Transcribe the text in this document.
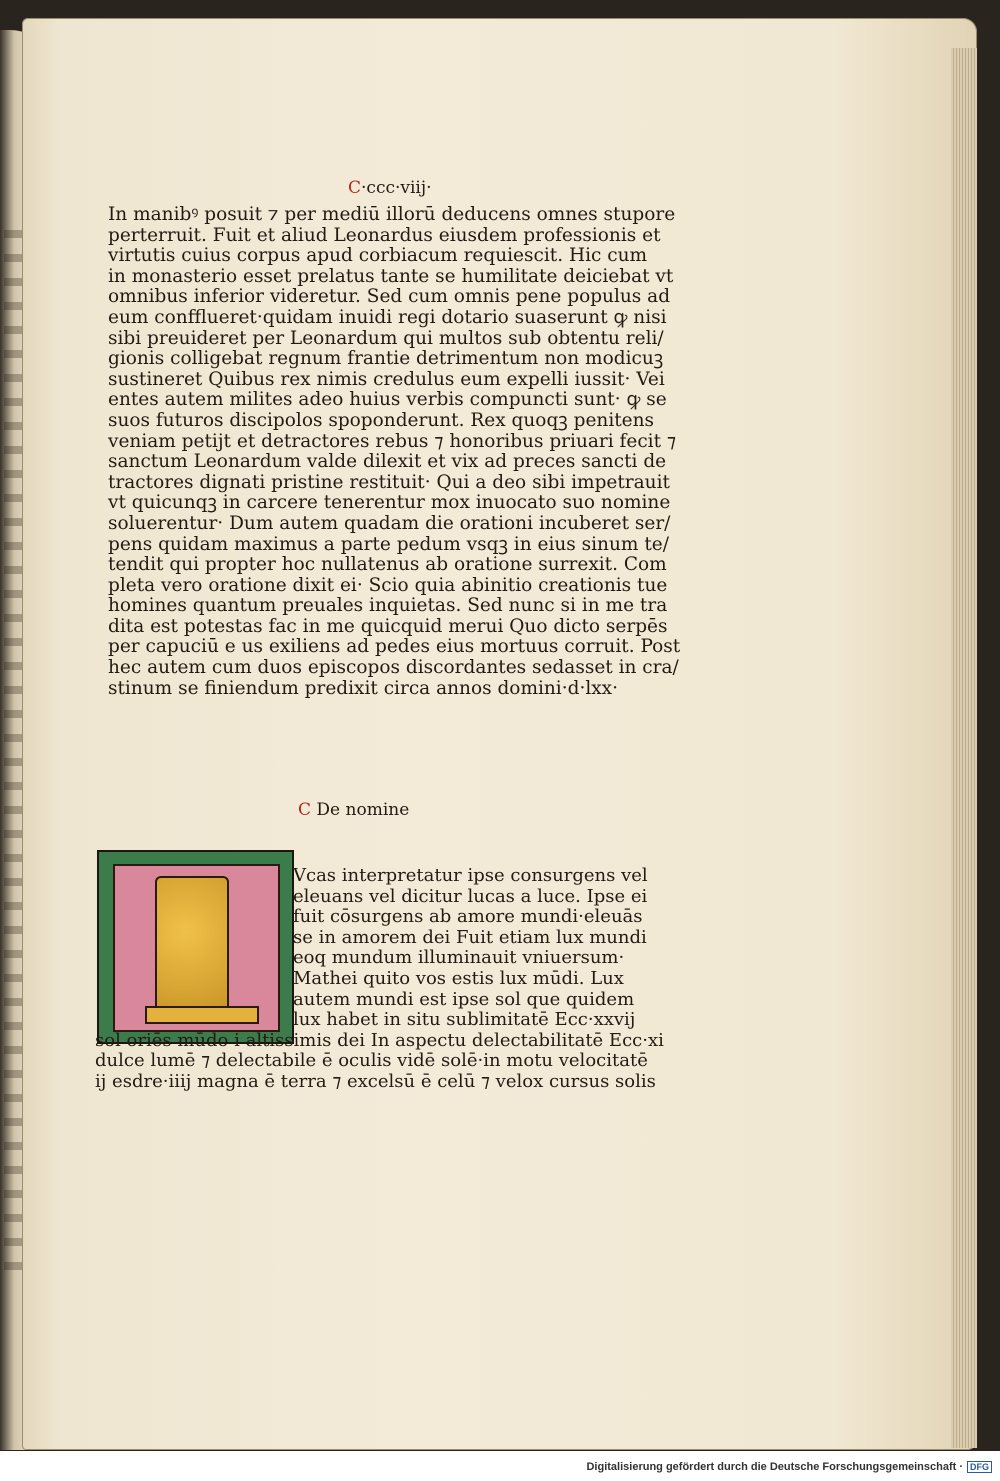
C·ccc·viij·
In manibꝰ posuit ⁊ per mediū illorū deducens omnes stupore
perterruit. Fuit et aliud Leonardus eiusdem professionis et
virtutis cuius corpus apud corbiacum requiescit. Hic cum
in monasterio esset prelatus tante se humilitate deiciebat vt
omnibus inferior videretur. Sed cum omnis pene populus ad
eum confflueret·quidam inuidi regi dotario suaserunt ꝙ nisi
sibi preuideret per Leonardum qui multos sub obtentu reli/
gionis colligebat regnum frantie detrimentum non modicuꝫ
sustineret Quibus rex nimis credulus eum expelli iussit· Vei
entes autem milites adeo huius verbis compuncti sunt· ꝙ se
suos futuros discipolos spoponderunt. Rex quoqꝫ penitens
veniam petijt et detractores rebus ⁊ honoribus priuari fecit ⁊
sanctum Leonardum valde dilexit et vix ad preces sancti de
tractores dignati pristine restituit· Qui a deo sibi impetrauit
vt quicunqꝫ in carcere tenerentur mox inuocato suo nomine
soluerentur· Dum autem quadam die orationi incuberet ser/
pens quidam maximus a parte pedum vsqꝫ in eius sinum te/
tendit qui propter hoc nullatenus ab oratione surrexit. Com
pleta vero oratione dixit ei· Scio quia abinitio creationis tue
homines quantum preuales inquietas. Sed nunc si in me tra
dita est potestas fac in me quicquid merui Quo dicto serpēs
per capuciū e us exiliens ad pedes eius mortuus corruit. Post
hec autem cum duos episcopos discordantes sedasset in cra/
stinum se finiendum predixit circa annos domini·d·lxx·
C De nomine
Vcas interpretatur ipse consurgens vel
eleuans vel dicitur lucas a luce. Ipse ei
fuit cōsurgens ab amore mundi·eleuās
se in amorem dei Fuit etiam lux mundi
eoq mundum illuminauit vniuersum·
Mathei quito vos estis lux mūdi. Lux
autem mundi est ipse sol que quidem
lux habet in situ sublimitatē Ecc·xxvij
sol oriēs mūdo i altissimis dei In aspectu delectabilitatē Ecc·xi
dulce lumē ⁊ delectabile ē oculis vidē solē·in motu velocitatē
ij esdre·iiij magna ē terra ⁊ excelsū ē celū ⁊ velox cursus solis
Digitalisierung gefördert durch die Deutsche Forschungsgemeinschaft · DFG
